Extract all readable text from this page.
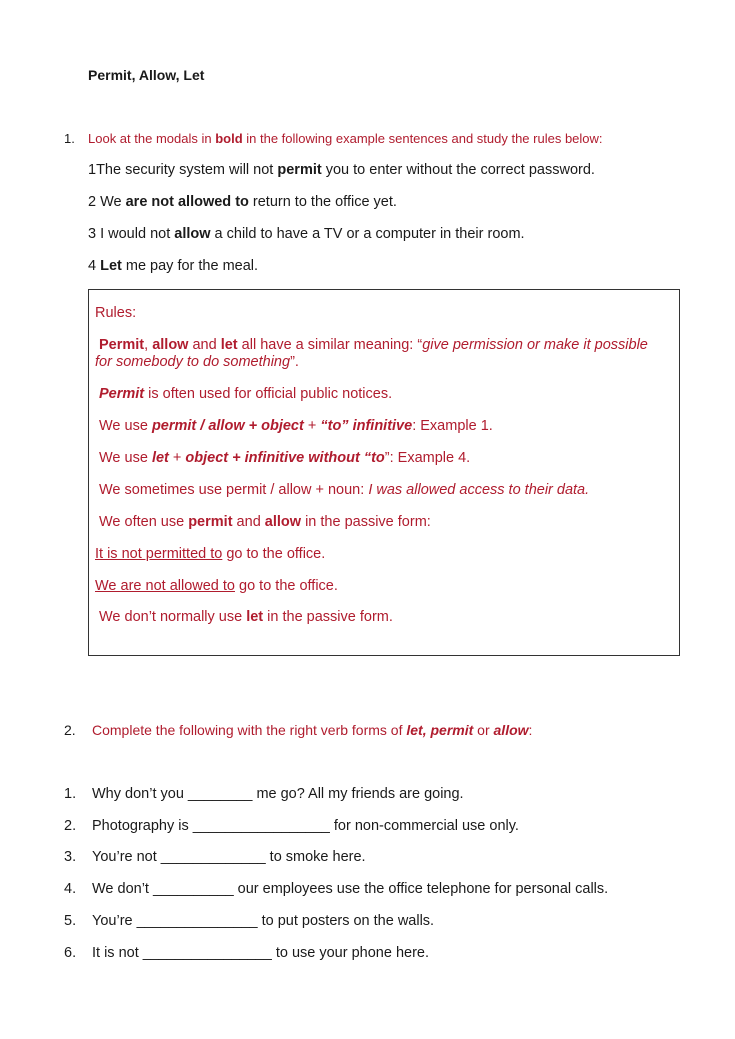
Permit, Allow, Let
1. Look at the modals in bold in the following example sentences and study the rules below:
1The security system will not permit you to enter without the correct password.
2 We are not allowed to return to the office yet.
3 I would not allow a child to have a TV or a computer in their room.
4 Let me pay for the meal.
Rules:
Permit, allow and let all have a similar meaning: “give permission or make it possible
for somebody to do something”.
Permit is often used for official public notices.
We use permit / allow + object + “to” infinitive: Example 1.
We use let + object + infinitive without “to”: Example 4.
We sometimes use permit / allow + noun: I was allowed access to their data.
We often use permit and allow in the passive form:
It is not permitted to go to the office.
We are not allowed to go to the office.
We don’t normally use let in the passive form.
2. Complete the following with the right verb forms of let, permit or allow:
1. Why don’t you ________ me go? All my friends are going.
2. Photography is _________________ for non-commercial use only.
3. You’re not _____________ to smoke here.
4. We don’t __________ our employees use the office telephone for personal calls.
5. You’re _______________ to put posters on the walls.
6. It is not ________________ to use your phone here.
